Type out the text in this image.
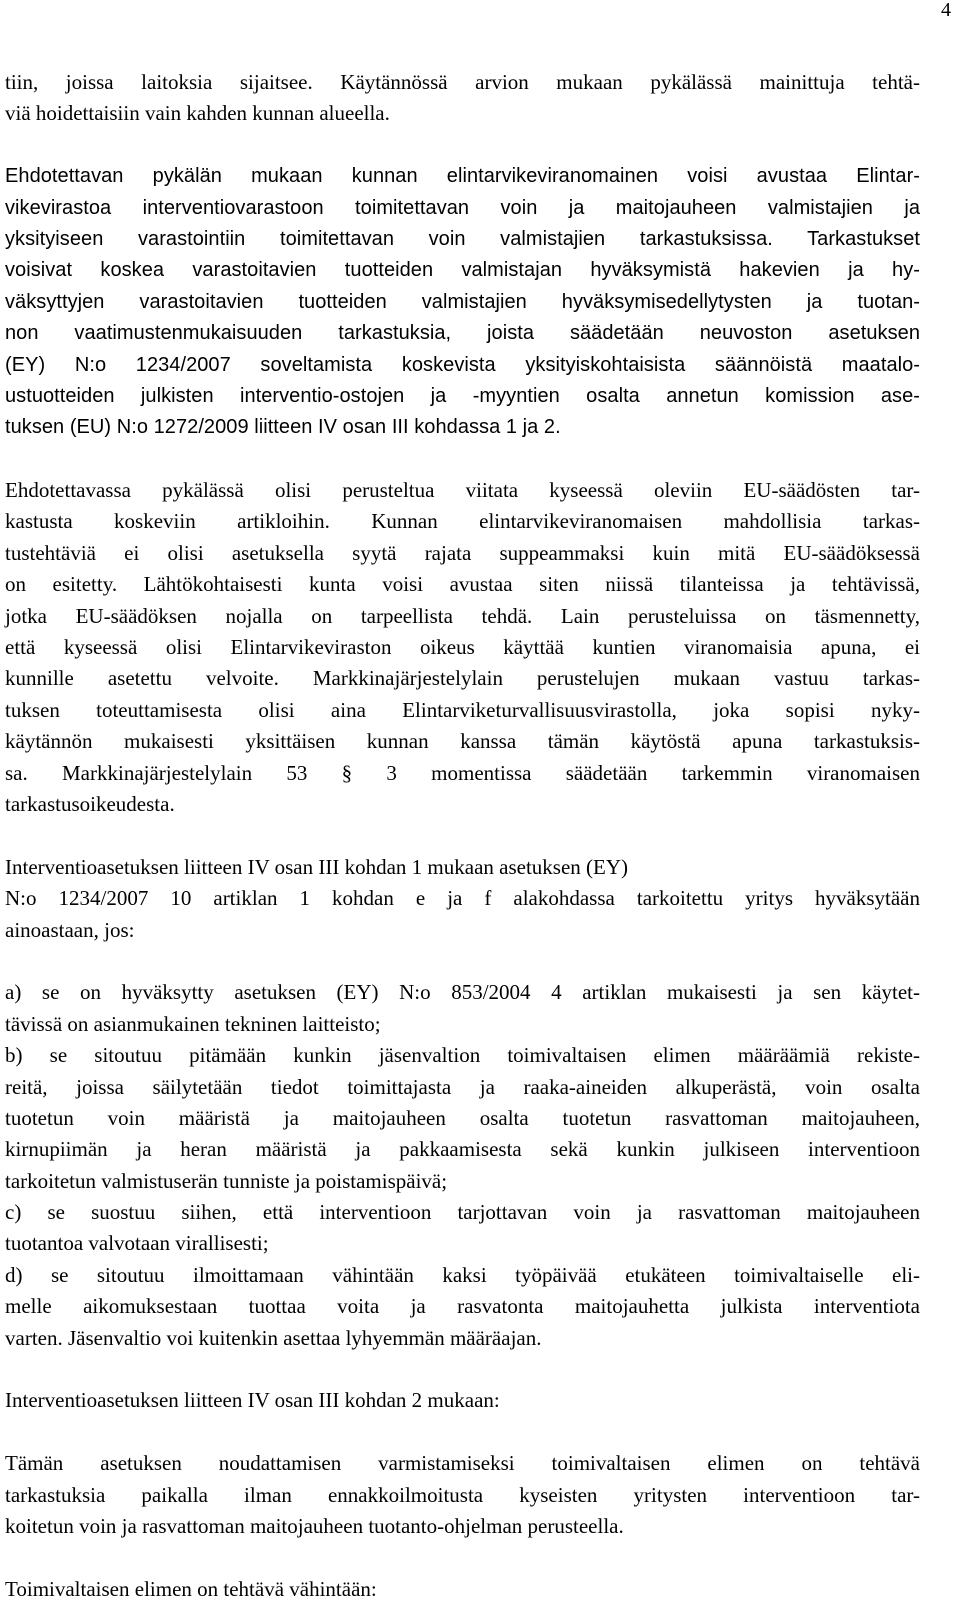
4
tiin, joissa laitoksia sijaitsee. Käytännössä arvion mukaan pykälässä mainittuja tehtä-
viä hoidettaisiin vain kahden kunnan alueella.
Ehdotettavan pykälän mukaan kunnan elintarvikeviranomainen voisi avustaa Elintar-
vikevirastoa interventiovarastoon toimitettavan voin ja maitojauheen valmistajien ja
yksityiseen varastointiin toimitettavan voin valmistajien tarkastuksissa. Tarkastukset
voisivat koskea varastoitavien tuotteiden valmistajan hyväksymistä hakevien ja hy-
väksyttyjen varastoitavien tuotteiden valmistajien hyväksymisedellytysten ja tuotan-
non vaatimustenmukaisuuden tarkastuksia, joista säädetään neuvoston asetuksen
(EY) N:o 1234/2007 soveltamista koskevista yksityiskohtaisista säännöistä maatalo-
ustuotteiden julkisten interventio-ostojen ja -myyntien osalta annetun komission ase-
tuksen (EU) N:o 1272/2009 liitteen IV osan III kohdassa 1 ja 2.
Ehdotettavassa pykälässä olisi perusteltua viitata kyseessä oleviin EU-säädösten tar-
kastusta koskeviin artikloihin. Kunnan elintarvikeviranomaisen mahdollisia tarkas-
tustehtäviä ei olisi asetuksella syytä rajata suppeammaksi kuin mitä EU-säädöksessä
on esitetty. Lähtökohtaisesti kunta voisi avustaa siten niissä tilanteissa ja tehtävissä,
jotka EU-säädöksen nojalla on tarpeellista tehdä. Lain perusteluissa on täsmennetty,
että kyseessä olisi Elintarvikeviraston oikeus käyttää kuntien viranomaisia apuna, ei
kunnille asetettu velvoite. Markkinajärjestelylain perustelujen mukaan vastuu tarkas-
tuksen toteuttamisesta olisi aina Elintarviketurvallisuusvirastolla, joka sopisi nyky-
käytännön mukaisesti yksittäisen kunnan kanssa tämän käytöstä apuna tarkastuksis-
sa. Markkinajärjestelylain 53 § 3 momentissa säädetään tarkemmin viranomaisen
tarkastusoikeudesta.
Interventioasetuksen liitteen IV osan III kohdan 1 mukaan asetuksen (EY)
N:o 1234/2007 10 artiklan 1 kohdan e ja f alakohdassa tarkoitettu yritys hyväksytään
ainoastaan, jos:
a) se on hyväksytty asetuksen (EY) N:o 853/2004 4 artiklan mukaisesti ja sen käytet-
tävissä on asianmukainen tekninen laitteisto;
b) se sitoutuu pitämään kunkin jäsenvaltion toimivaltaisen elimen määräämiä rekiste-
reitä, joissa säilytetään tiedot toimittajasta ja raaka-aineiden alkuperästä, voin osalta
tuotetun voin määristä ja maitojauheen osalta tuotetun rasvattoman maitojauheen,
kirnupiimän ja heran määristä ja pakkaamisesta sekä kunkin julkiseen interventioon
tarkoitetun valmistuserän tunniste ja poistamispäivä;
c) se suostuu siihen, että interventioon tarjottavan voin ja rasvattoman maitojauheen
tuotantoa valvotaan virallisesti;
d) se sitoutuu ilmoittamaan vähintään kaksi työpäivää etukäteen toimivaltaiselle eli-
melle aikomuksestaan tuottaa voita ja rasvatonta maitojauhetta julkista interventiota
varten. Jäsenvaltio voi kuitenkin asettaa lyhyemmän määräajan.
Interventioasetuksen liitteen IV osan III kohdan 2 mukaan:
Tämän asetuksen noudattamisen varmistamiseksi toimivaltaisen elimen on tehtävä
tarkastuksia paikalla ilman ennakkoilmoitusta kyseisten yritysten interventioon tar-
koitetun voin ja rasvattoman maitojauheen tuotanto-ohjelman perusteella.
Toimivaltaisen elimen on tehtävä vähintään:
